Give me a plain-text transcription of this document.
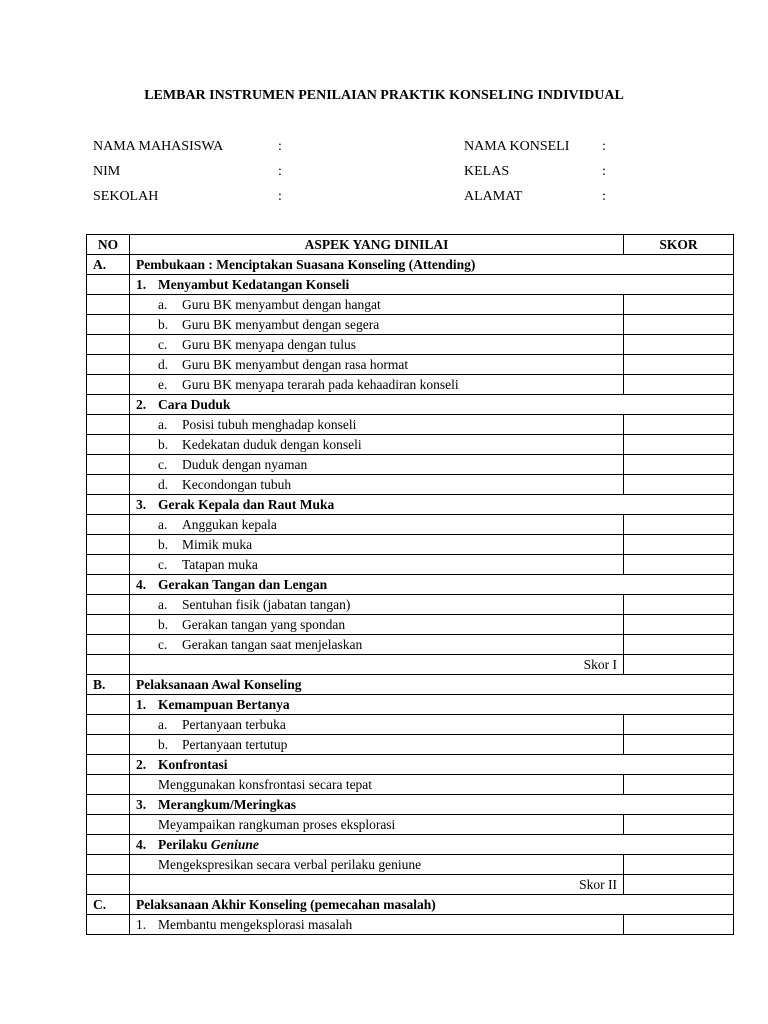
LEMBAR INSTRUMEN PENILAIAN PRAKTIK KONSELING INDIVIDUAL
NAMA MAHASISWA	:
NIM	:
SEKOLAH	:
NAMA KONSELI :
KELAS	:
ALAMAT	:
NO	ASPEK YANG DINILAI	SKOR
A.	Pembukaan : Menciptakan Suasana Konseling (Attending)	
	1. Menyambut Kedatangan Konseli	
	a. Guru BK menyambut dengan hangat	
	b. Guru BK menyambut dengan segera	
	c. Guru BK menyapa dengan tulus	
	d. Guru BK menyambut dengan rasa hormat	
	e. Guru BK menyapa terarah pada kehaadiran konseli	
	2. Cara Duduk	
	a. Posisi tubuh menghadap konseli	
	b. Kedekatan duduk dengan konseli	
	c. Duduk dengan nyaman	
	d. Kecondongan tubuh	
	3. Gerak Kepala dan Raut Muka	
	a. Anggukan kepala	
	b. Mimik muka	
	c. Tatapan muka	
	4. Gerakan Tangan dan Lengan	
	a. Sentuhan fisik (jabatan tangan)	
	b. Gerakan tangan yang spondan	
	c. Gerakan tangan saat menjelaskan	
	Skor I	
B.	Pelaksanaan Awal Konseling	
	1. Kemampuan Bertanya	
	a. Pertanyaan terbuka	
	b. Pertanyaan tertutup	
	2. Konfrontasi	
	Menggunakan konsfrontasi secara tepat	
	3. Merangkum/Meringkas	
	Meyampaikan rangkuman proses eksplorasi	
	4. Perilaku Geniune	
	Mengekspresikan secara verbal perilaku geniune	
	Skor II	
C.	Pelaksanaan Akhir Konseling (pemecahan masalah)	
	1. Membantu mengeksplorasi masalah	
